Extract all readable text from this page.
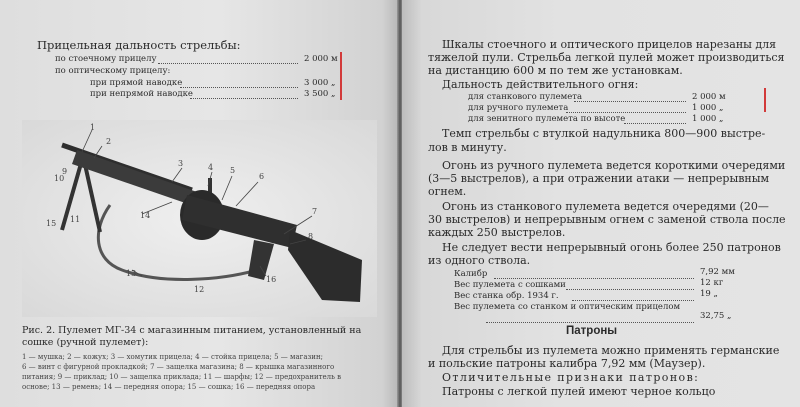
Прицельная дальность стрельбы:
по стоечному прицелу	2 000 м
по оптическому прицелу:
при прямой наводке	3 000 „
при непрямой наводке	3 500 „
1
2
3	4 5
6
7
8
9
10
11
12
13
14
15
16
Рис. 2. Пулемет МГ-34 с магазинным питанием, установленный на
сошке (ручной пулемет):
1 — мушка; 2 — кожух; 3 — хомутик прицела; 4 — стойка прицела; 5 — магазин;
6 — винт с фигурной прокладкой; 7 — защелка магазина; 8 — крышка магазинного
питания; 9 — приклад; 10 — защелка приклада; 11 — шарфы; 12 — предохранитель в
основе; 13 — ремень; 14 — передняя опора; 15 — сошка; 16 — передняя опора
Шкалы стоечного и оптического прицелов нарезаны для
тяжелой пули. Стрельба легкой пулей может производиться
на дистанцию 600 м по тем же установкам.
Дальность действительного огня:
для станкового пулемета	2 000 м
для ручного пулемета	1 000 „
для зенитного пулемета по высоте	1 000 „
Темп стрельбы с втулкой надульника 800—900 выстре-
лов в минуту.
Огонь из ручного пулемета ведется короткими очередями
(3—5 выстрелов), а при отражении атаки — непрерывным
огнем.
Огонь из станкового пулемета ведется очередями (20—
30 выстрелов) и непрерывным огнем с заменой ствола после
каждых 250 выстрелов.
Не следует вести непрерывный огонь более 250 патронов
из одного ствола.
Калибр	7,92 мм
Вес пулемета с сошками	12 кг
Вес станка обр. 1934 г.	19 „
Вес пулемета со станком и оптическим прицелом
32,75 „
Патроны
Для стрельбы из пулемета можно применять германские
и польские патроны калибра 7,92 мм (Маузер).
Отличительные признаки патронов:
Патроны с легкой пулей имеют черное кольцо
